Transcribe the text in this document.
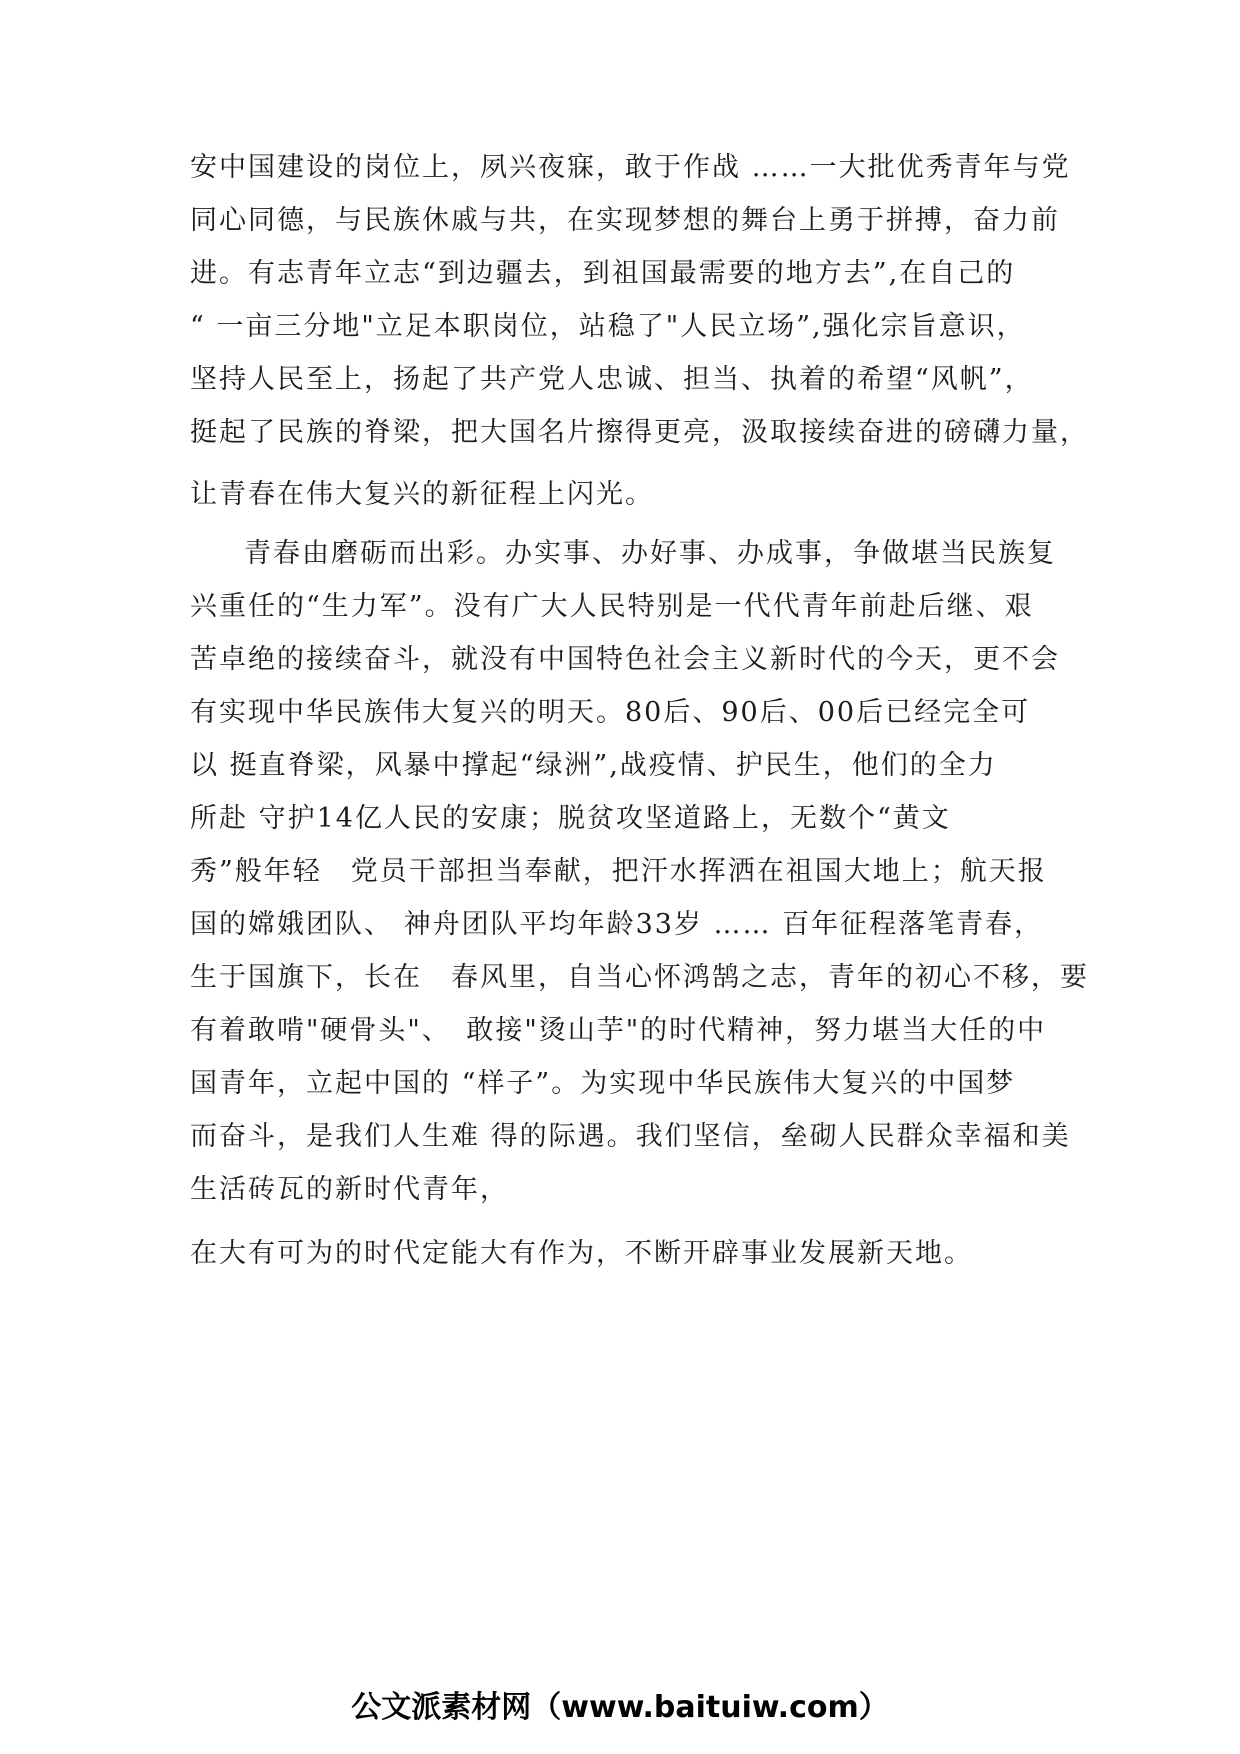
安中国建设的岗位上，夙兴夜寐，敢于作战 ……一大批优秀青年与党
同心同德，与民族休戚与共，在实现梦想的舞台上勇于拼搏，奋力前
进。有志青年立志“到边疆去，到祖国最需要的地方去”,在自己的
“ 一亩三分地"立足本职岗位，站稳了"人民立场”,强化宗旨意识，
坚持人民至上，扬起了共产党人忠诚、担当、执着的希望“风帆”，
挺起了民族的脊梁，把大国名片擦得更亮，汲取接续奋进的磅礴力量，
让青春在伟大复兴的新征程上闪光。
青春由磨砺而出彩。办实事、办好事、办成事，争做堪当民族复
兴重任的“生力军”。没有广大人民特别是一代代青年前赴后继、艰
苦卓绝的接续奋斗，就没有中国特色社会主义新时代的今天，更不会
有实现中华民族伟大复兴的明天。80后、90后、00后已经完全可
以 挺直脊梁，风暴中撑起“绿洲”,战疫情、护民生，他们的全力
所赴 守护14亿人民的安康；脱贫攻坚道路上，无数个“黄文
秀”般年轻　党员干部担当奉献，把汗水挥洒在祖国大地上；航天报
国的嫦娥团队、 神舟团队平均年龄33岁 …… 百年征程落笔青春，
生于国旗下，长在　春风里，自当心怀鸿鹄之志，青年的初心不移，要
有着敢啃"硬骨头"、　敢接"烫山芋"的时代精神，努力堪当大任的中
国青年，立起中国的 “样子”。为实现中华民族伟大复兴的中国梦
而奋斗，是我们人生难 得的际遇。我们坚信，垒砌人民群众幸福和美
生活砖瓦的新时代青年，
在大有可为的时代定能大有作为，不断开辟事业发展新天地。
公文派素材网（www.baituiw.com）
